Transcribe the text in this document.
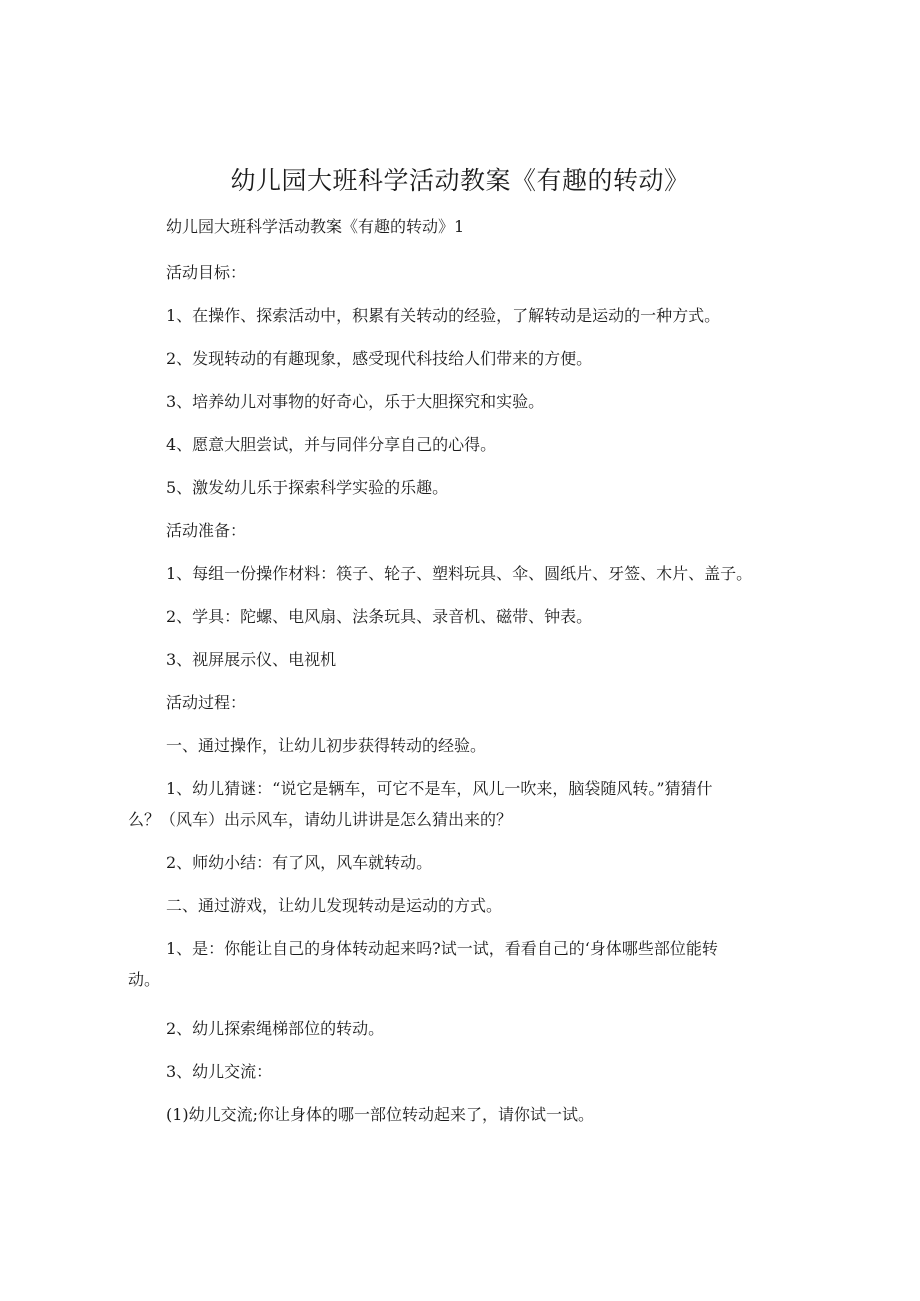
幼儿园大班科学活动教案《有趣的转动》
幼儿园大班科学活动教案《有趣的转动》1
活动目标：
1、在操作、探索活动中，积累有关转动的经验，了解转动是运动的一种方式。
2、发现转动的有趣现象，感受现代科技给人们带来的方便。
3、培养幼儿对事物的好奇心，乐于大胆探究和实验。
4、愿意大胆尝试，并与同伴分享自己的心得。
5、激发幼儿乐于探索科学实验的乐趣。
活动准备：
1、每组一份操作材料：筷子、轮子、塑料玩具、伞、圆纸片、牙签、木片、盖子。
2、学具：陀螺、电风扇、法条玩具、录音机、磁带、钟表。
3、视屏展示仪、电视机
活动过程：
一、通过操作，让幼儿初步获得转动的经验。
1、幼儿猜谜：“说它是辆车，可它不是车，风儿一吹来，脑袋随风转。”猜猜什
么？（风车）出示风车，请幼儿讲讲是怎么猜出来的？
2、师幼小结：有了风，风车就转动。
二、通过游戏，让幼儿发现转动是运动的方式。
1、是：你能让自己的身体转动起来吗?试一试，看看自己的‘身体哪些部位能转
动。
2、幼儿探索绳梯部位的转动。
3、幼儿交流：
(1)幼儿交流;你让身体的哪一部位转动起来了，请你试一试。
